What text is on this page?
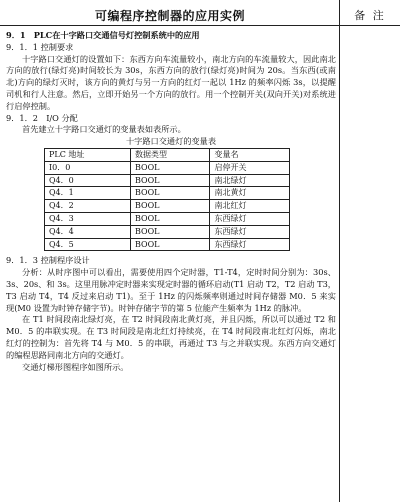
可编程序控制器的应用实例	备 注

9．1　PLC在十字路口交通信号灯控制系统中的应用

9．1．1 控制要求

十字路口交通灯的设置如下：东西方向车流量较小，南北方向的车流量较大，因此南北方向的放行(绿灯亮)时间较长为 30s，东西方向的放行(绿灯亮)时间为 20s。当东西(或南北)方向的绿灯灭时，该方向的黄灯与另一方向的红灯一起以 1Hz 的频率闪烁 3s，以提醒司机和行人注意。然后，立即开始另一个方向的放行。用一个控制开关(双向开关)对系统进行启停控制。

9．1．2　I/O 分配

首先建立十字路口交通灯的变量表如表所示。

十字路口交通灯的变量表

PLC 地址	数据类型	变量名
I0．0	BOOL	启停开关
Q4．0	BOOL	南北绿灯
Q4．1	BOOL	南北黄灯
Q4．2	BOOL	南北红灯
Q4．3	BOOL	东西绿灯
Q4．4	BOOL	东西绿灯
Q4．5	BOOL	东西绿灯

9．1．3 控制程序设计

分析：从时序图中可以看出，需要使用四个定时器，T1-T4，定时时间分别为：30s、3s、20s、和 3s。这里用脉冲定时器来实现定时器的循环启动(T1 启动 T2，T2 启动 T3，T3 启动 T4，T4 反过来启动 T1)。至于 1Hz 的闪烁频率则通过时间存储器 M0．5 来实现(M0 设置为时钟存储字节)。时钟存储字节的第 5 位能产生频率为 1Hz 的脉冲。

在 T1 时间段南北绿灯亮，在 T2 时间段南北黄灯亮，并且闪烁，所以可以通过 T2 和 M0．5 的串联实现。在 T3 时间段是南北红灯持续亮，在 T4 时间段南北红灯闪烁，南北红灯的控制为：首先将 T4 与 M0．5 的串联，再通过 T3 与之并联实现。东西方向交通灯的编程思路同南北方向的交通灯。

交通灯梯形图程序如图所示。
